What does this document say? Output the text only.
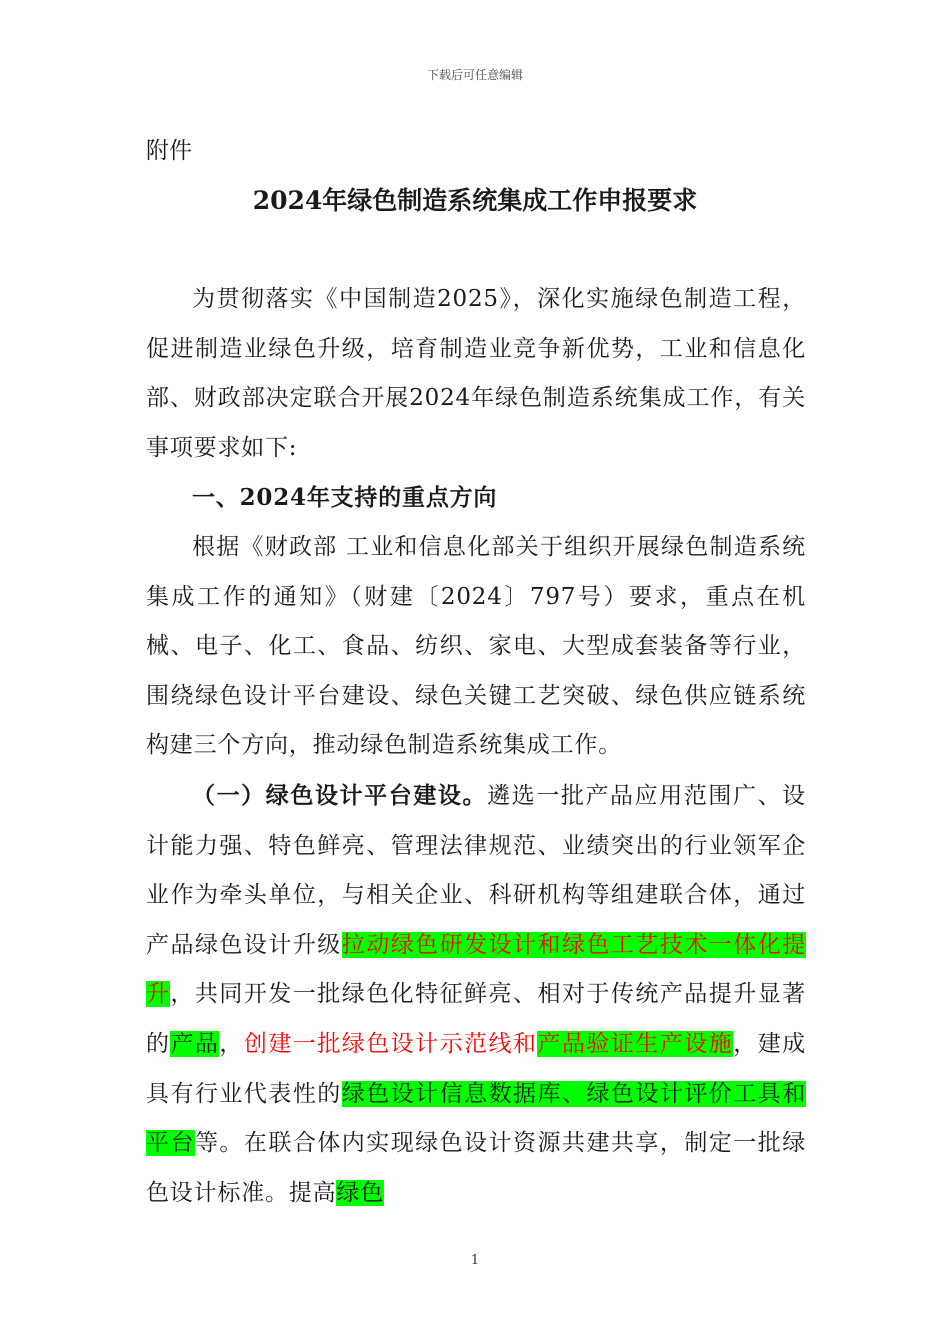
下载后可任意编辑
附件
2024年绿色制造系统集成工作申报要求

为贯彻落实《中国制造2025》，深化实施绿色制造工程，促进制造业绿色升级，培育制造业竞争新优势，工业和信息化部、财政部决定联合开展2024年绿色制造系统集成工作，有关事项要求如下:

一、2024年支持的重点方向

根据《财政部 工业和信息化部关于组织开展绿色制造系统集成工作的通知》（财建〔2024〕797号）要求，重点在机械、电子、化工、食品、纺织、家电、大型成套装备等行业，围绕绿色设计平台建设、绿色关键工艺突破、绿色供应链系统构建三个方向，推动绿色制造系统集成工作。

（一）绿色设计平台建设。遴选一批产品应用范围广、设计能力强、特色鲜亮、管理法律规范、业绩突出的行业领军企业作为牵头单位，与相关企业、科研机构等组建联合体，通过产品绿色设计升级拉动绿色研发设计和绿色工艺技术一体化提升，共同开发一批绿色化特征鲜亮、相对于传统产品提升显著的产品，创建一批绿色设计示范线和产品验证生产设施，建成具有行业代表性的绿色设计信息数据库、绿色设计评价工具和平台等。在联合体内实现绿色设计资源共建共享，制定一批绿色设计标准。提高绿色

1
